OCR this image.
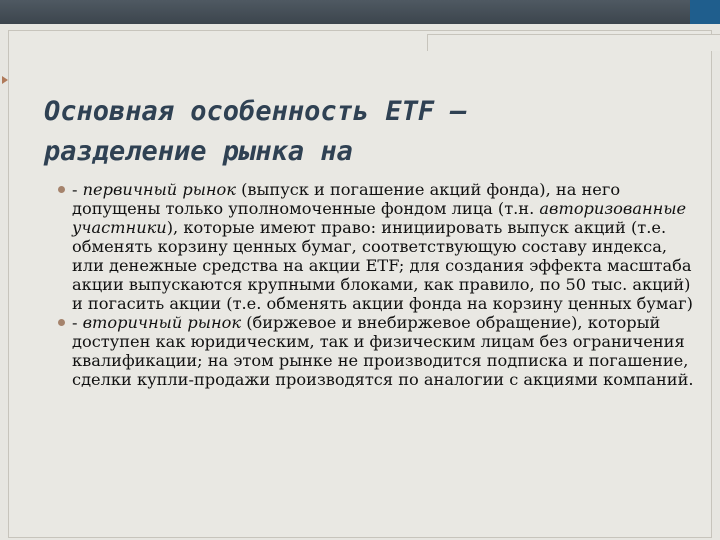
Основная особенность ETF –
разделение рынка на
- первичный рынок (выпуск и погашение акций фонда), на него допущены только уполномоченные фондом лица (т.н. авторизованные участники), которые имеют право: инициировать выпуск акций (т.е. обменять корзину ценных бумаг, соответствующую составу индекса, или денежные средства на акции ETF; для создания эффекта масштаба акции выпускаются крупными блоками, как правило, по 50 тыс. акций) и погасить акции (т.е. обменять акции фонда на корзину ценных бумаг)
- вторичный рынок (биржевое и внебиржевое обращение), который доступен как юридическим, так и физическим лицам без ограничения квалификации; на этом рынке не производится подписка и погашение, сделки купли-продажи производятся по аналогии с акциями компаний.
